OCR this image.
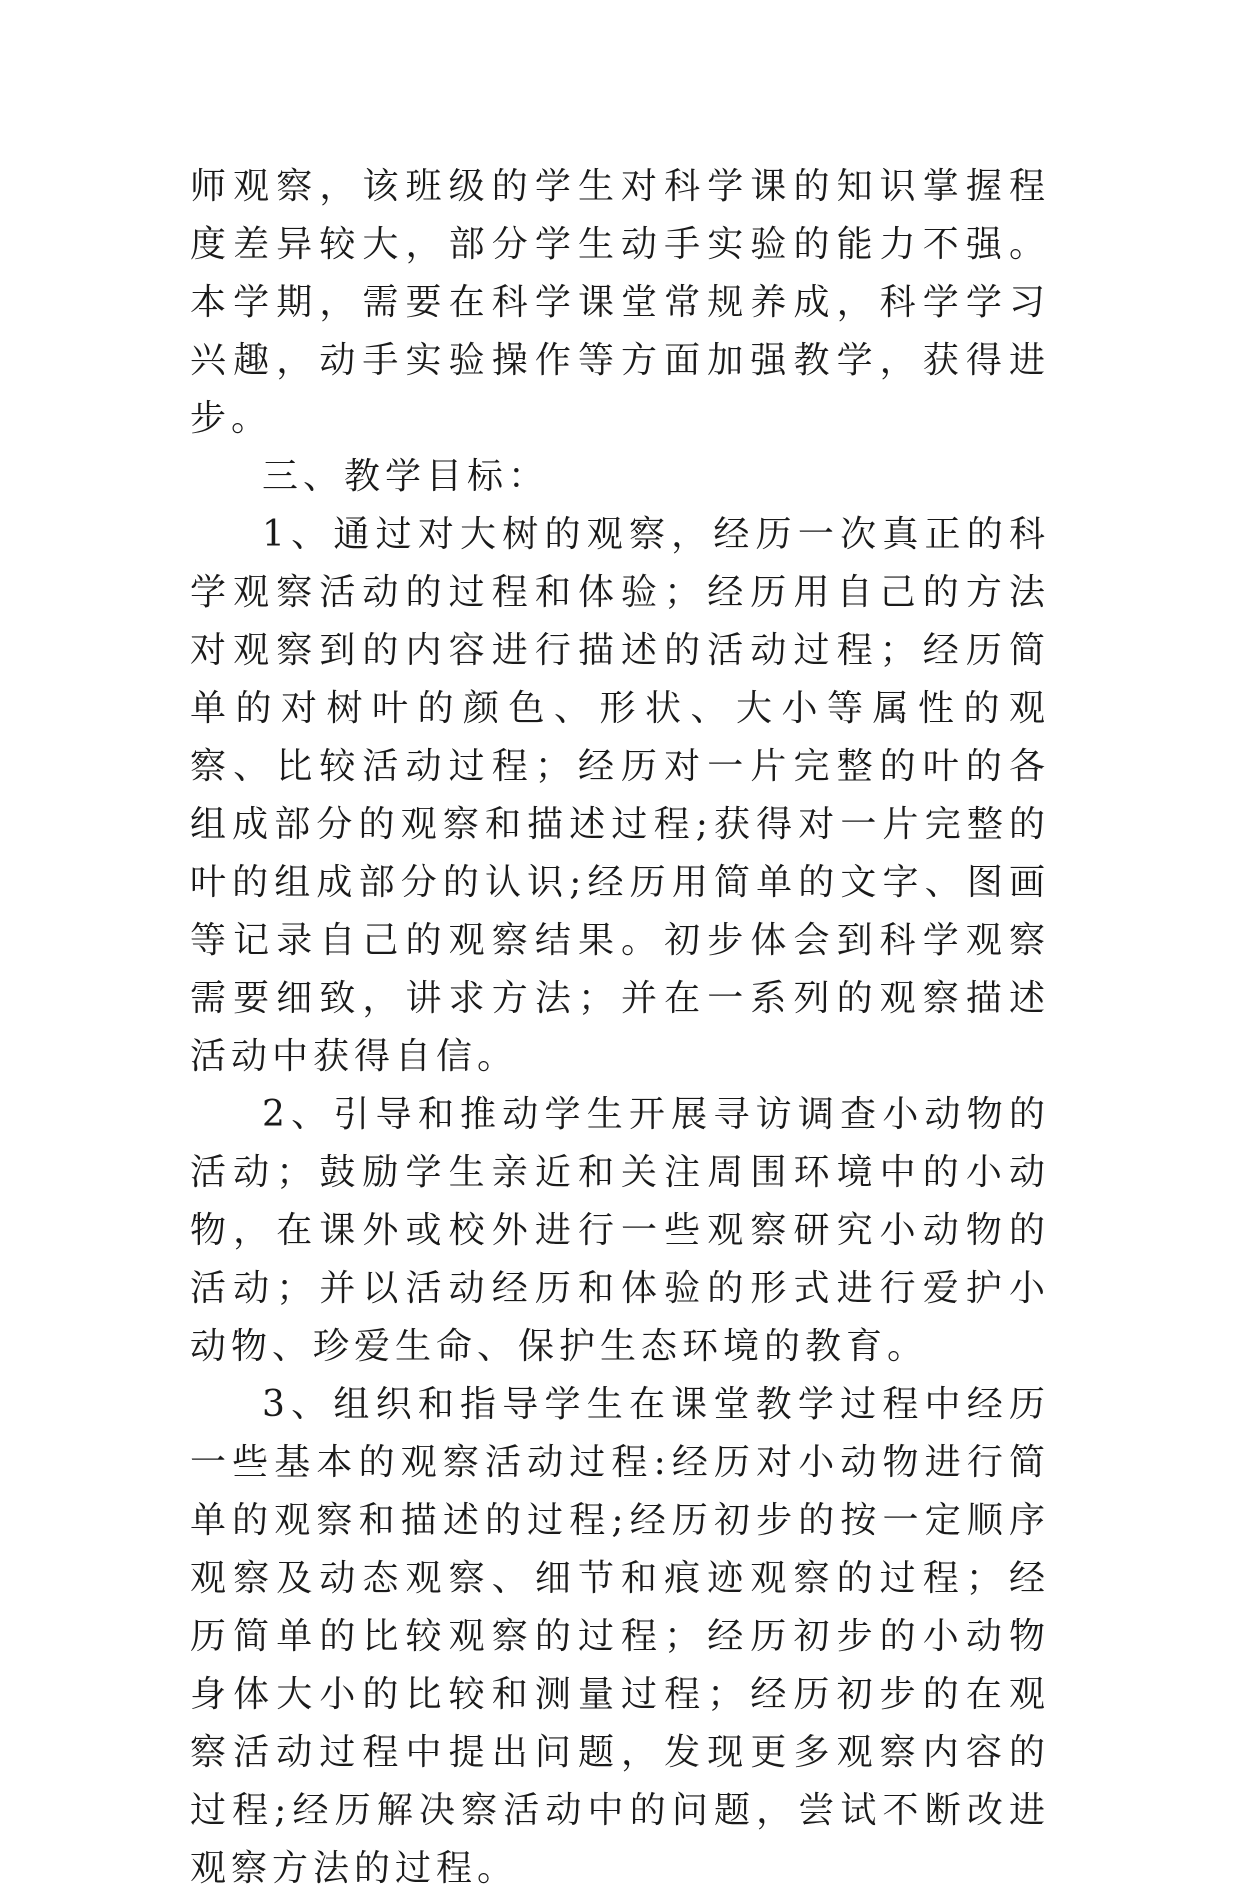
师观察，该班级的学生对科学课的知识掌握程度差异较大，部分学生动手实验的能力不强。本学期，需要在科学课堂常规养成，科学学习兴趣，动手实验操作等方面加强教学，获得进步。

三、教学目标：

1、通过对大树的观察，经历一次真正的科学观察活动的过程和体验；经历用自己的方法对观察到的内容进行描述的活动过程；经历简单的对树叶的颜色、形状、大小等属性的观察、比较活动过程；经历对一片完整的叶的各组成部分的观察和描述过程;获得对一片完整的叶的组成部分的认识;经历用简单的文字、图画等记录自己的观察结果。初步体会到科学观察需要细致，讲求方法；并在一系列的观察描述活动中获得自信。

2、引导和推动学生开展寻访调查小动物的活动；鼓励学生亲近和关注周围环境中的小动物，在课外或校外进行一些观察研究小动物的活动；并以活动经历和体验的形式进行爱护小动物、珍爱生命、保护生态环境的教育。

3、组织和指导学生在课堂教学过程中经历一些基本的观察活动过程:经历对小动物进行简单的观察和描述的过程;经历初步的按一定顺序观察及动态观察、细节和痕迹观察的过程；经历简单的比较观察的过程；经历初步的小动物身体大小的比较和测量过程；经历初步的在观察活动过程中提出问题，发现更多观察内容的过程;经历解决察活动中的问题，尝试不断改进观察方法的过程。
